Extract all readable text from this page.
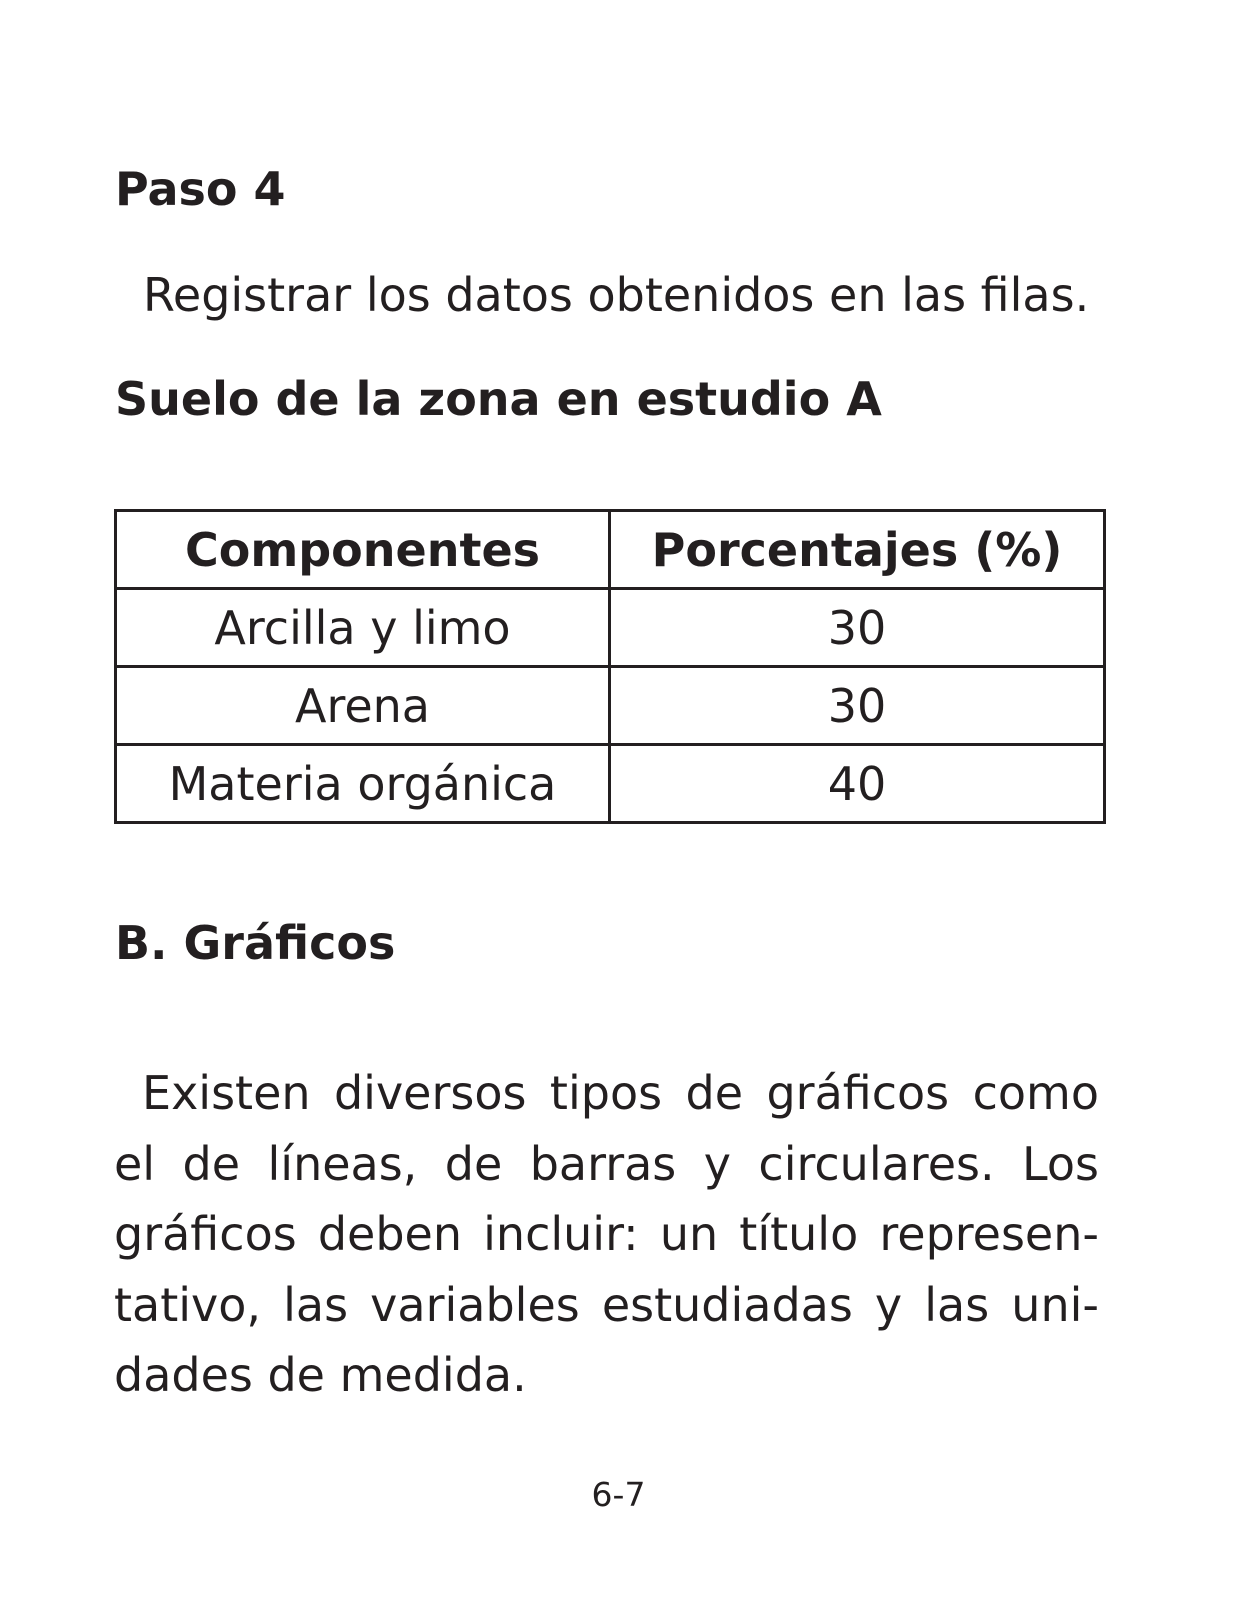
Paso 4

Registrar los datos obtenidos en las filas.

Suelo de la zona en estudio A
Componentes	Porcentajes (%)
Arcilla y limo	30
Arena	30
Materia orgánica	40
B. Gráficos

Existen diversos tipos de gráficos como el de líneas, de barras y circulares. Los gráficos deben incluir: un título representativo, las variables estudiadas y las unidades de medida.

6-7
